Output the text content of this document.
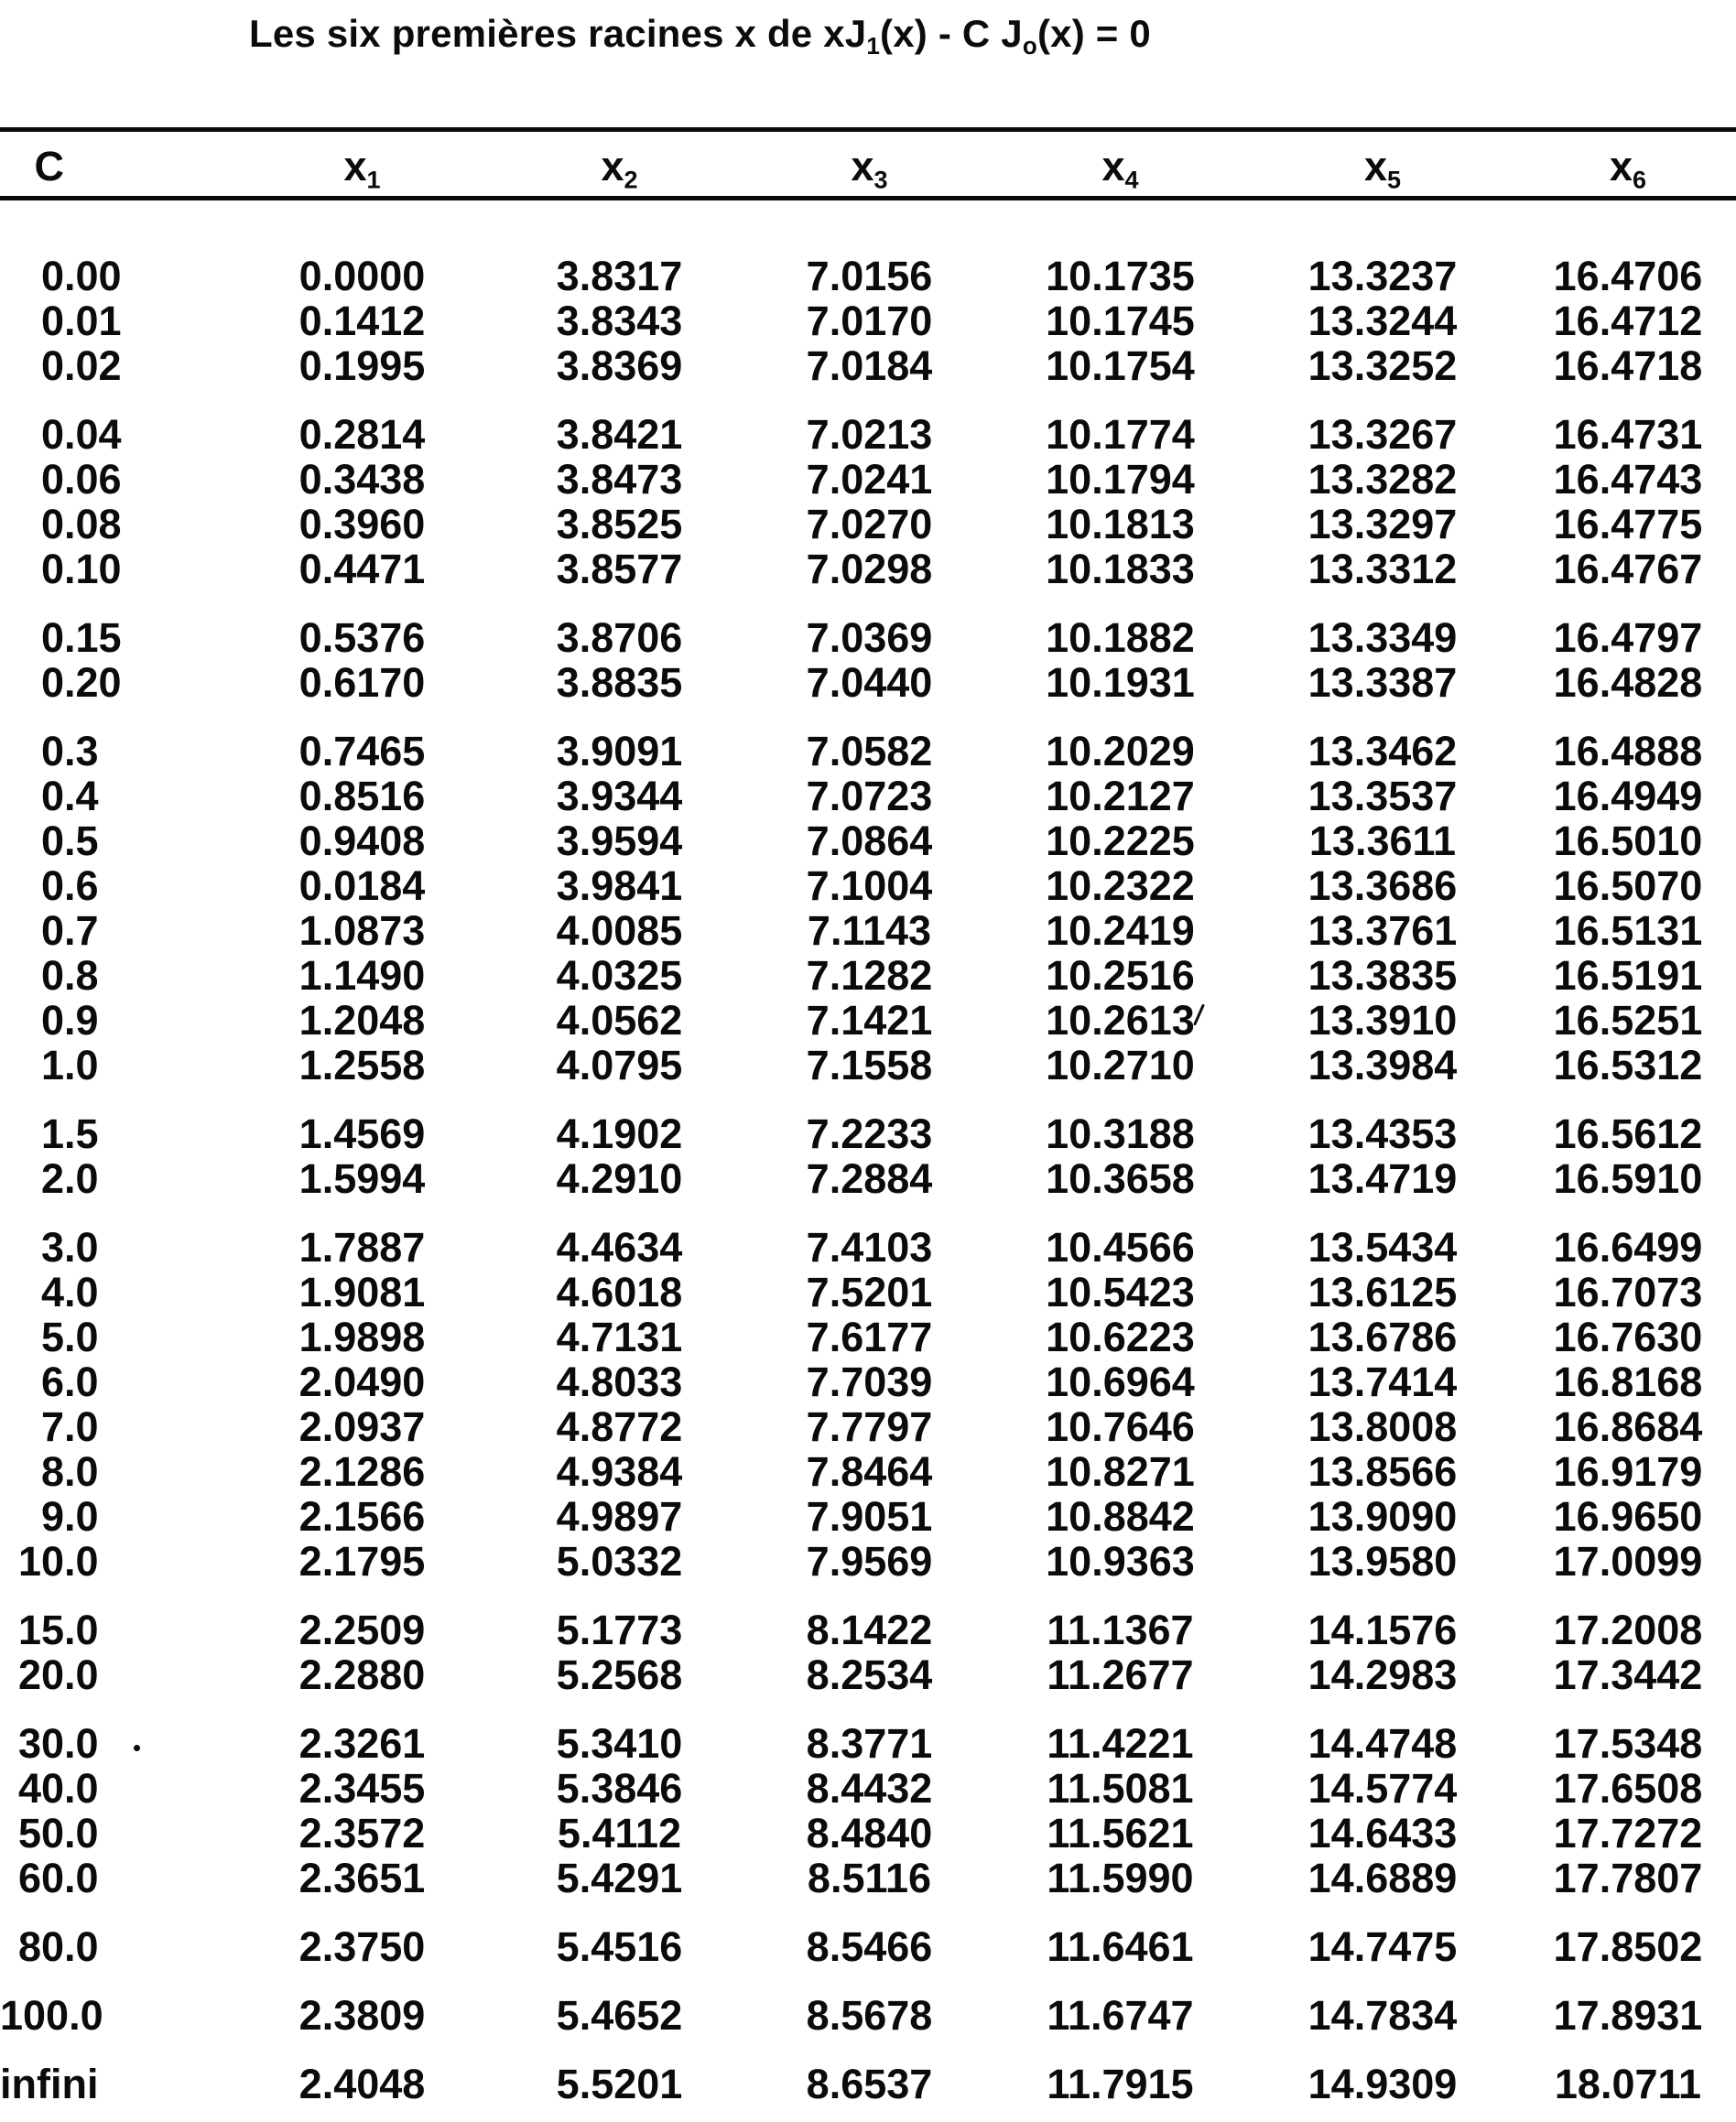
Les six premières racines x de $xJ_1(x)$ - C $J_o(x) = 0$
C	$x_1$	$x_2$	$x_3$	$x_4$	$x_5$	$x_6$
0 .00	0.0000	3.8317	7.0156	10.1735	13.3237	16.4706
0 .01	0.1412	3.8343	7.0170	10.1745	13.3244	16.4712
0 .02	0.1995	3.8369	7.0184	10.1754	13.3252	16.4718
0 .04	0.2814	3.8421	7.0213	10.1774	13.3267	16.4731
0 .06	0.3438	3.8473	7.0241	10.1794	13.3282	16.4743
0 .08	0.3960	3.8525	7.0270	10.1813	13.3297	16.4775
0 .10	0.4471	3.8577	7.0298	10.1833	13.3312	16.4767
0 .15	0.5376	3.8706	7.0369	10.1882	13.3349	16.4797
0 .20	0.6170	3.8835	7.0440	10.1931	13.3387	16.4828
0 .3	0.7465	3.9091	7.0582	10.2029	13.3462	16.4888
0 .4	0.8516	3.9344	7.0723	10.2127	13.3537	16.4949
0 .5	0.9408	3.9594	7.0864	10.2225	13.3611	16.5010
0 .6	0.0184	3.9841	7.1004	10.2322	13.3686	16.5070
0 .7	1.0873	4.0085	7.1143	10.2419	13.3761	16.5131
0 .8	1.1490	4.0325	7.1282	10.2516	13.3835	16.5191
0 .9	1.2048	4.0562	7.1421	10.2613	13.3910	16.5251
1 .0	1.2558	4.0795	7.1558	10.2710	13.3984	16.5312
1 .5	1.4569	4.1902	7.2233	10.3188	13.4353	16.5612
2 .0	1.5994	4.2910	7.2884	10.3658	13.4719	16.5910
3 .0	1.7887	4.4634	7.4103	10.4566	13.5434	16.6499
4 .0	1.9081	4.6018	7.5201	10.5423	13.6125	16.7073
5 .0	1.9898	4.7131	7.6177	10.6223	13.6786	16.7630
6 .0	2.0490	4.8033	7.7039	10.6964	13.7414	16.8168
7 .0	2.0937	4.8772	7.7797	10.7646	13.8008	16.8684
8 .0	2.1286	4.9384	7.8464	10.8271	13.8566	16.9179
9 .0	2.1566	4.9897	7.9051	10.8842	13.9090	16.9650
10 .0	2.1795	5.0332	7.9569	10.9363	13.9580	17.0099
15 .0	2.2509	5.1773	8.1422	11.1367	14.1576	17.2008
20 .0	2.2880	5.2568	8.2534	11.2677	14.2983	17.3442
30 .0	2.3261	5.3410	8.3771	11.4221	14.4748	17.5348
40 .0	2.3455	5.3846	8.4432	11.5081	14.5774	17.6508
50 .0	2.3572	5.4112	8.4840	11.5621	14.6433	17.7272
60 .0	2.3651	5.4291	8.5116	11.5990	14.6889	17.7807
80 .0	2.3750	5.4516	8.5466	11.6461	14.7475	17.8502
100 .0	2.3809	5.4652	8.5678	11.6747	14.7834	17.8931
infini	2.4048	5.5201	8.6537	11.7915	14.9309	18.0711
